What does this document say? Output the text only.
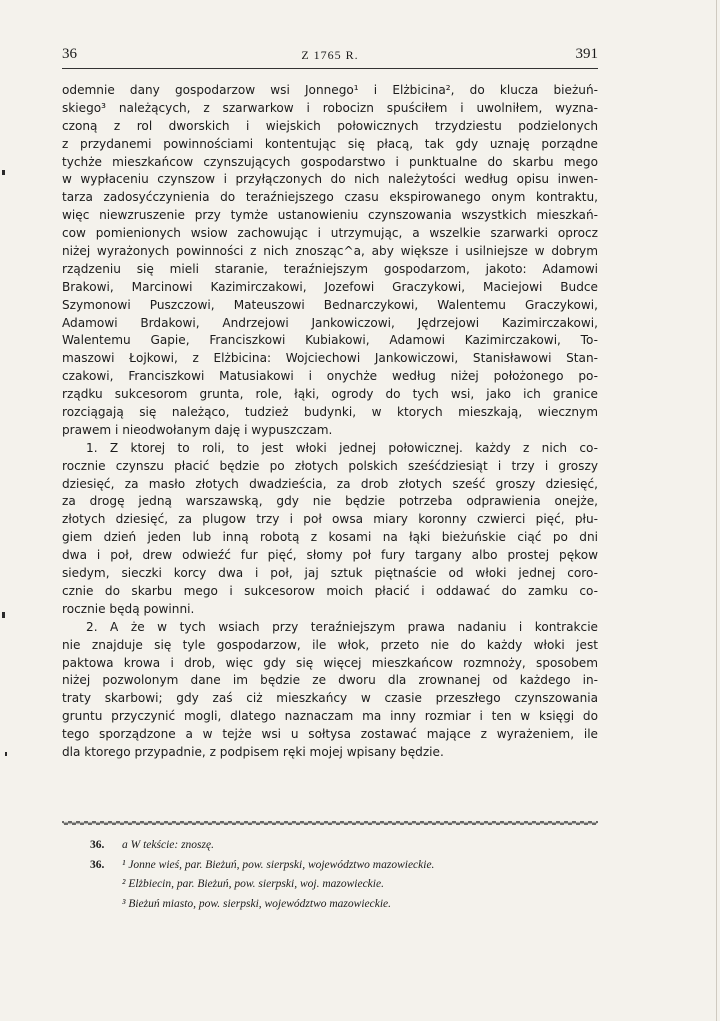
36	Z 1765 R.	391
odemnie dany gospodarzow wsi Jonnego¹ i Elżbicina², do klucza bieżuń-
skiego³ należących, z szarwarkow i robocizn spuściłem i uwolniłem, wyzna-
czoną z rol dworskich i wiejskich połowicznych trzydziestu podzielonych
z przydanemi powinnościami kontentując się płacą, tak gdy uznaję porządne
tychże mieszkańcow czynszujących gospodarstwo i punktualne do skarbu mego
w wypłaceniu czynszow i przyłączonych do nich należytości według opisu inwen-
tarza zadosyćczynienia do teraźniejszego czasu ekspirowanego onym kontraktu,
więc niewzruszenie przy tymże ustanowieniu czynszowania wszystkich mieszkań-
cow pomienionych wsiow zachowując i utrzymując, a wszelkie szarwarki oprocz
niżej wyrażonych powinności z nich znosząc^a, aby większe i usilniejsze w dobrym
rządzeniu się mieli staranie, teraźniejszym gospodarzom, jakoto: Adamowi
Brakowi, Marcinowi Kazimirczakowi, Jozefowi Graczykowi, Maciejowi Budce
Szymonowi Puszczowi, Mateuszowi Bednarczykowi, Walentemu Graczykowi,
Adamowi Brdakowi, Andrzejowi Jankowiczowi, Jędrzejowi Kazimirczakowi,
Walentemu Gapie, Franciszkowi Kubiakowi, Adamowi Kazimirczakowi, To-
maszowi Łojkowi, z Elżbicina: Wojciechowi Jankowiczowi, Stanisławowi Stan-
czakowi, Franciszkowi Matusiakowi i onychże według niżej położonego po-
rządku sukcesorom grunta, role, łąki, ogrody do tych wsi, jako ich granice
rozciągają się należąco, tudzież budynki, w ktorych mieszkają, wiecznym
prawem i nieodwołanym daję i wypuszczam.
1. Z ktorej to roli, to jest włoki jednej połowicznej. każdy z nich co-
rocznie czynszu płacić będzie po złotych polskich sześćdziesiąt i trzy i groszy
dziesięć, za masło złotych dwadzieścia, za drob złotych sześć groszy dziesięć,
za drogę jedną warszawską, gdy nie będzie potrzeba odprawienia onejże,
złotych dziesięć, za plugow trzy i poł owsa miary koronny czwierci pięć, płu-
giem dzień jeden lub inną robotą z kosami na łąki bieżuńskie ciąć po dni
dwa i poł, drew odwieźć fur pięć, słomy poł fury targany albo prostej pękow
siedym, sieczki korcy dwa i poł, jaj sztuk piętnaście od włoki jednej coro-
cznie do skarbu mego i sukcesorow moich płacić i oddawać do zamku co-
rocznie będą powinni.
2. A że w tych wsiach przy teraźniejszym prawa nadaniu i kontrakcie
nie znajduje się tyle gospodarzow, ile włok, przeto nie do każdy włoki jest
paktowa krowa i drob, więc gdy się więcej mieszkańcow rozmnoży, sposobem
niżej pozwolonym dane im będzie ze dworu dla zrownanej od każdego in-
traty skarbowi; gdy zaś ciż mieszkańcy w czasie przeszłego czynszowania
gruntu przyczynić mogli, dlatego naznaczam ma inny rozmiar i ten w księgi do
tego sporządzone a w tejże wsi u sołtysa zostawać mające z wyrażeniem, ile
dla ktorego przypadnie, z podpisem ręki mojej wpisany będzie.
36. a W tekście: znoszę.
36. ¹ Jonne wieś, par. Bieżuń, pow. sierpski, województwo mazowieckie.
² Elżbiecin, par. Bieżuń, pow. sierpski, woj. mazowieckie.
³ Bieżuń miasto, pow. sierpski, województwo mazowieckie.
